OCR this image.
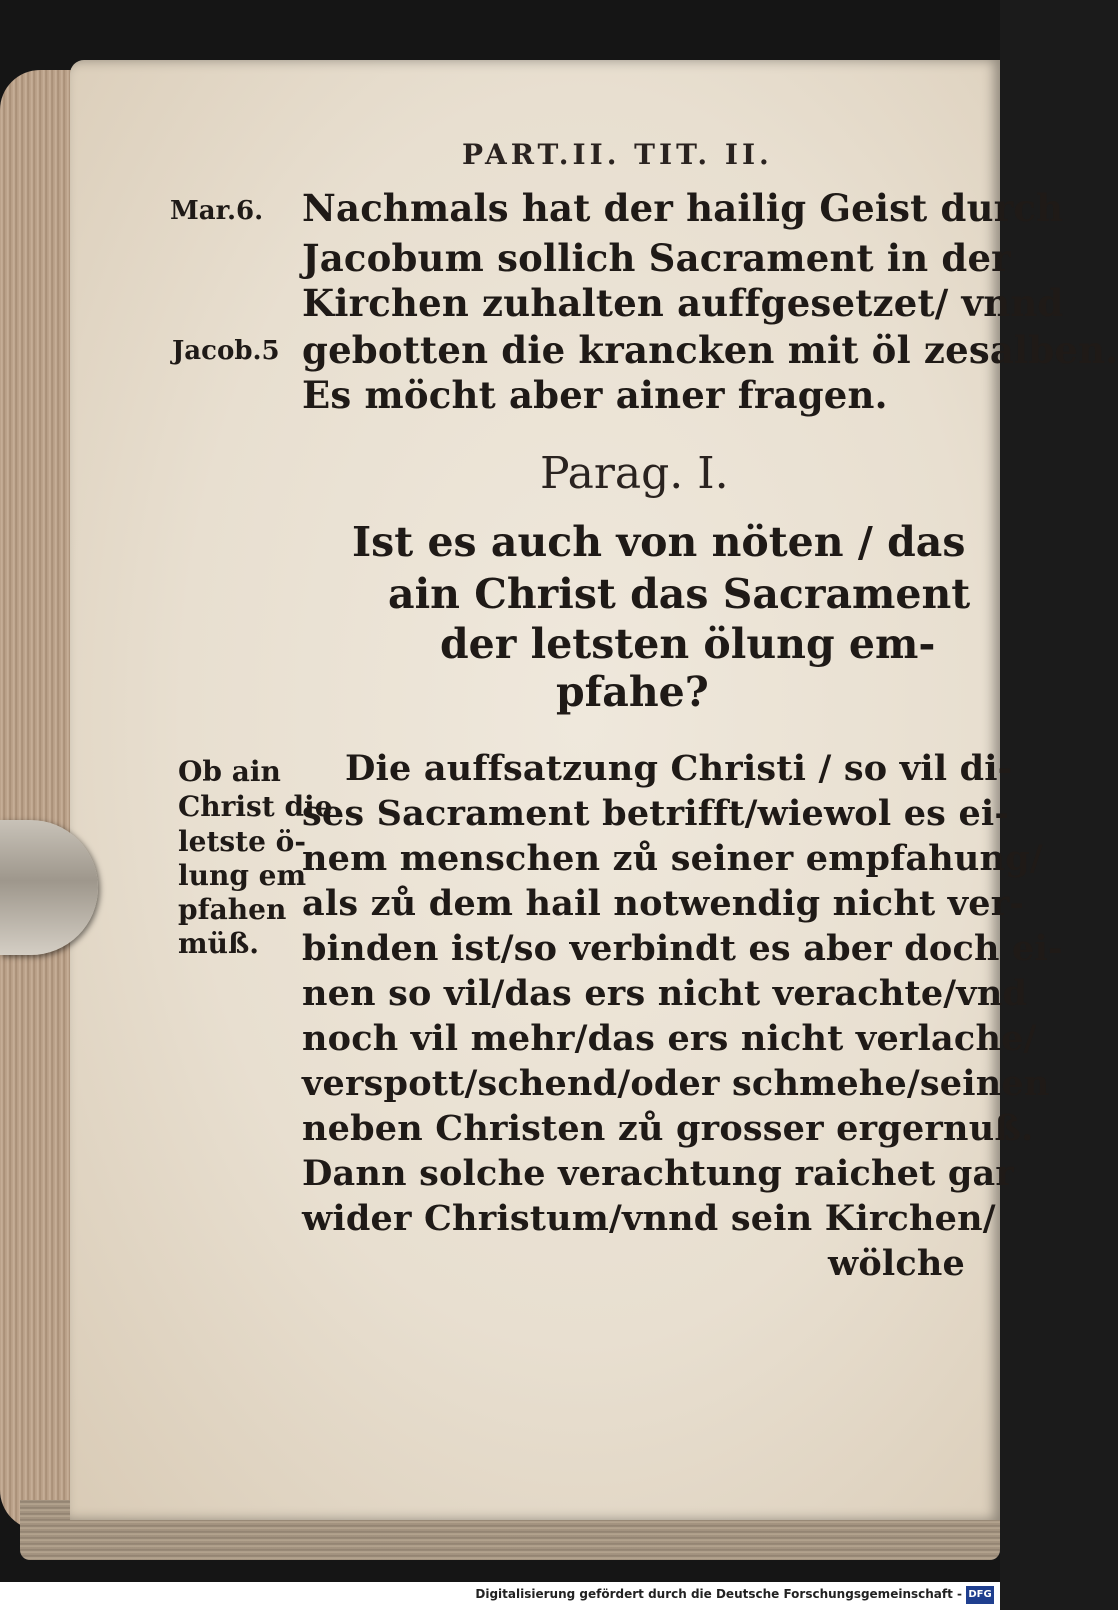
PART.II. TIT. II.
Mar.6.
Jacob.5
Nachmals hat der hailig Geist durch
Jacobum sollich Sacrament in der
Kirchen zuhalten auffgesetzet/ vnnd
gebotten die krancken mit öl zesalben.
Es möcht aber ainer fragen.
Parag. I.
Ist es auch von nöten / das
ain Christ das Sacrament
der letsten ölung em-
pfahe?
Ob ain
Christ die
letste ö-
lung em
pfahen
müß.
Die auffsatzung Christi / so vil di-
ses Sacrament betrifft/wiewol es ei-
nem menschen zů seiner empfahung/
als zů dem hail notwendig nicht ver-
binden ist/so verbindt es aber doch ei-
nen so vil/das ers nicht verachte/vnd
noch vil mehr/das ers nicht verlache/
verspott/schend/oder schmehe/seinen
neben Christen zů grosser ergernuß.
Dann solche verachtung raichet gar
wider Christum/vnnd sein Kirchen/
wölche
Digitalisierung gefördert durch die Deutsche Forschungsgemeinschaft - DFG
